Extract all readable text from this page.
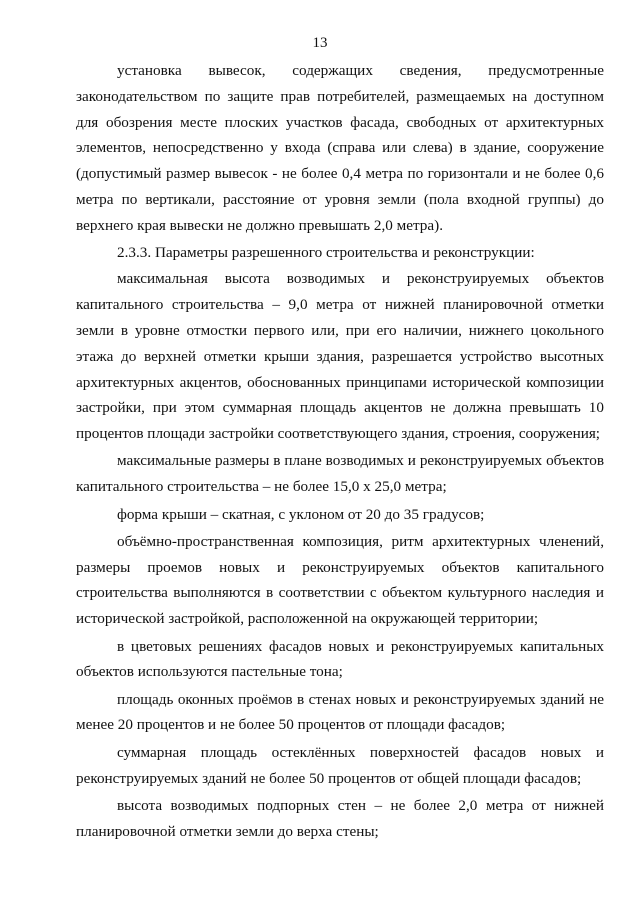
13

установка вывесок, содержащих сведения, предусмотренные законодательством по защите прав потребителей, размещаемых на доступном для обозрения месте плоских участков фасада, свободных от архитектурных элементов, непосредственно у входа (справа или слева) в здание, сооружение (допустимый размер вывесок - не более 0,4 метра по горизонтали и не более 0,6 метра по вертикали, расстояние от уровня земли (пола входной группы) до верхнего края вывески не должно превышать 2,0 метра).

2.3.3. Параметры разрешенного строительства и реконструкции:

максимальная высота возводимых и реконструируемых объектов капитального строительства – 9,0 метра от нижней планировочной отметки земли в уровне отмостки первого или, при его наличии, нижнего цокольного этажа до верхней отметки крыши здания, разрешается устройство высотных архитектурных акцентов, обоснованных принципами исторической композиции застройки, при этом суммарная площадь акцентов не должна превышать 10 процентов площади застройки соответствующего здания, строения, сооружения;

максимальные размеры в плане возводимых и реконструируемых объектов капитального строительства – не более 15,0 х 25,0 метра;

форма крыши – скатная, с уклоном от 20 до 35 градусов;

объёмно-пространственная композиция, ритм архитектурных членений, размеры проемов новых и реконструируемых объектов капитального строительства выполняются в соответствии с объектом культурного наследия и исторической застройкой, расположенной на окружающей территории;

в цветовых решениях фасадов новых и реконструируемых капитальных объектов используются пастельные тона;

площадь оконных проёмов в стенах новых и реконструируемых зданий не менее 20 процентов и не более 50 процентов от площади фасадов;

суммарная площадь остеклённых поверхностей фасадов новых и реконструируемых зданий не более 50 процентов от общей площади фасадов;

высота возводимых подпорных стен – не более 2,0 метра от нижней планировочной отметки земли до верха стены;
